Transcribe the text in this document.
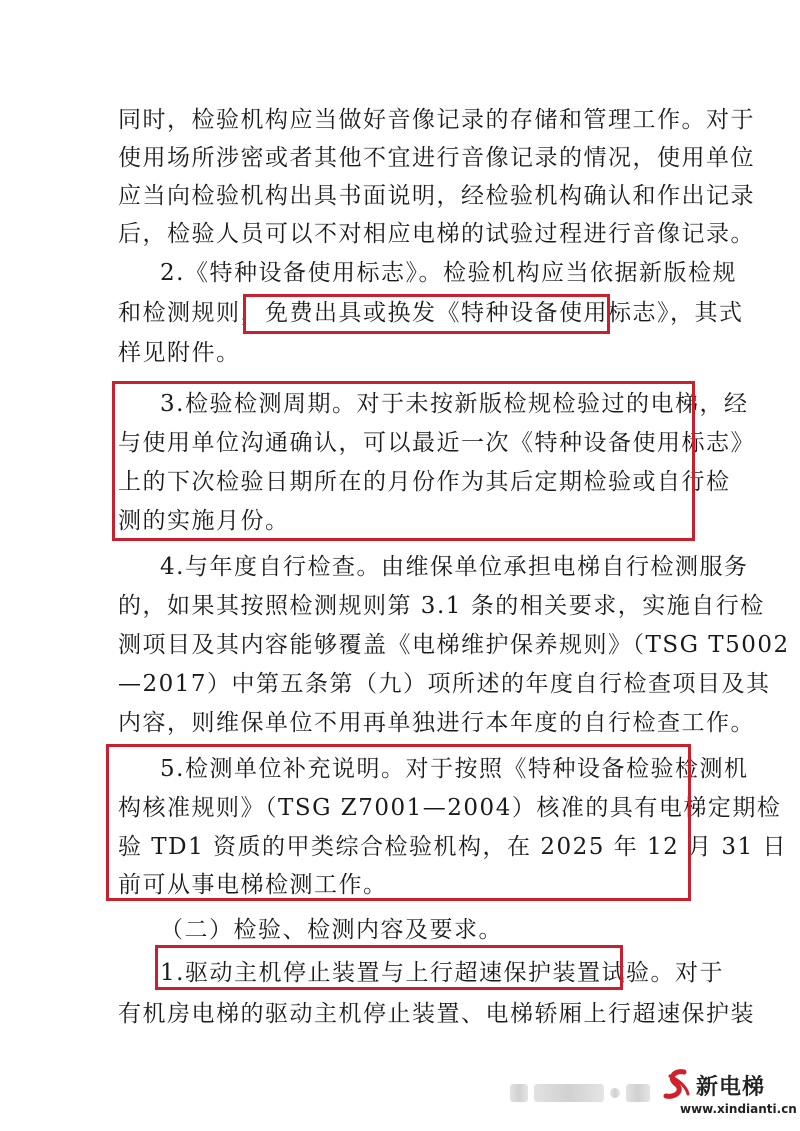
同时，检验机构应当做好音像记录的存储和管理工作。对于

使用场所涉密或者其他不宜进行音像记录的情况，使用单位

应当向检验机构出具书面说明，经检验机构确认和作出记录

后，检验人员可以不对相应电梯的试验过程进行音像记录。

2.《特种设备使用标志》。检验机构应当依据新版检规

和检测规则，免费出具或换发《特种设备使用标志》，其式

样见附件。

3.检验检测周期。对于未按新版检规检验过的电梯，经

与使用单位沟通确认，可以最近一次《特种设备使用标志》

上的下次检验日期所在的月份作为其后定期检验或自行检

测的实施月份。

4.与年度自行检查。由维保单位承担电梯自行检测服务

的，如果其按照检测规则第 3.1 条的相关要求，实施自行检

测项目及其内容能够覆盖《电梯维护保养规则》（TSG T5002

—2017）中第五条第（九）项所述的年度自行检查项目及其

内容，则维保单位不用再单独进行本年度的自行检查工作。

5.检测单位补充说明。对于按照《特种设备检验检测机

构核准规则》（TSG Z7001—2004）核准的具有电梯定期检

验 TD1 资质的甲类综合检验机构，在 2025 年 12 月 31 日

前可从事电梯检测工作。

（二）检验、检测内容及要求。

1.驱动主机停止装置与上行超速保护装置试验。对于

有机房电梯的驱动主机停止装置、电梯轿厢上行超速保护装

新电梯
www.xindianti.cn
